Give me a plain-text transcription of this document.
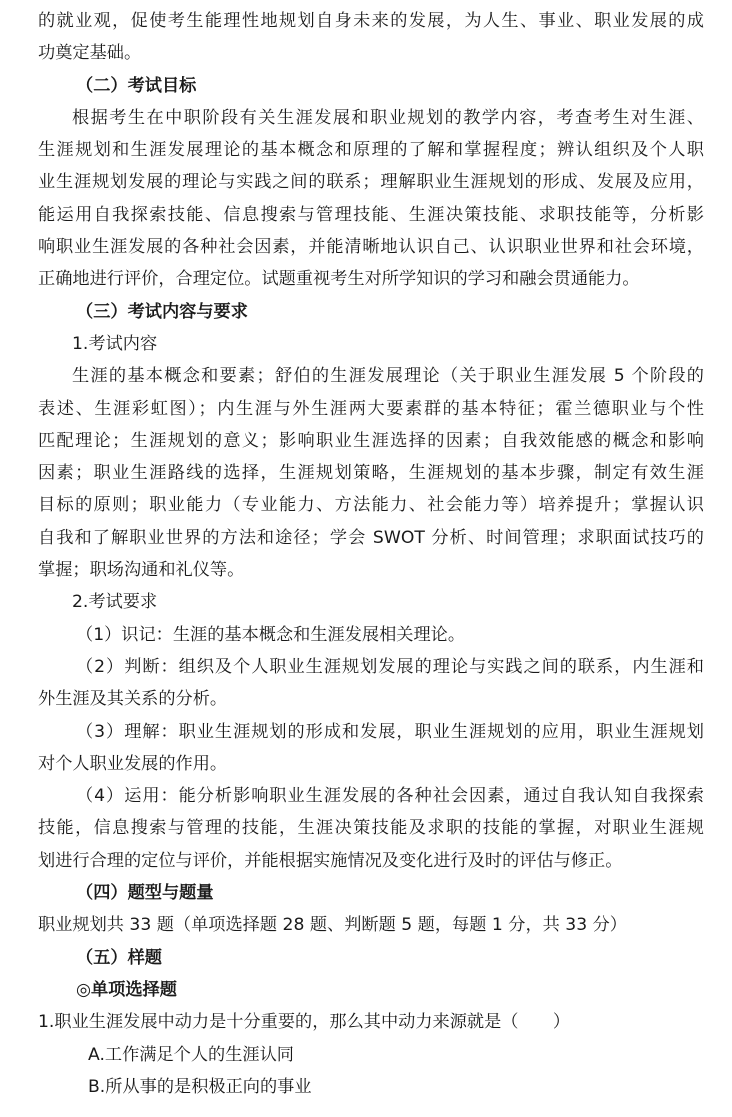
的就业观，促使考生能理性地规划自身未来的发展，为人生、事业、职业发展的成
功奠定基础。
（二）考试目标
根据考生在中职阶段有关生涯发展和职业规划的教学内容，考查考生对生涯、
生涯规划和生涯发展理论的基本概念和原理的了解和掌握程度；辨认组织及个人职
业生涯规划发展的理论与实践之间的联系；理解职业生涯规划的形成、发展及应用，
能运用自我探索技能、信息搜索与管理技能、生涯决策技能、求职技能等，分析影
响职业生涯发展的各种社会因素，并能清晰地认识自己、认识职业世界和社会环境，
正确地进行评价，合理定位。试题重视考生对所学知识的学习和融会贯通能力。
（三）考试内容与要求
1.考试内容
生涯的基本概念和要素；舒伯的生涯发展理论（关于职业生涯发展 5 个阶段的
表述、生涯彩虹图）；内生涯与外生涯两大要素群的基本特征；霍兰德职业与个性
匹配理论；生涯规划的意义；影响职业生涯选择的因素；自我效能感的概念和影响
因素；职业生涯路线的选择，生涯规划策略，生涯规划的基本步骤，制定有效生涯
目标的原则；职业能力（专业能力、方法能力、社会能力等）培养提升；掌握认识
自我和了解职业世界的方法和途径；学会 SWOT 分析、时间管理；求职面试技巧的
掌握；职场沟通和礼仪等。
2.考试要求
（1）识记：生涯的基本概念和生涯发展相关理论。
（2）判断：组织及个人职业生涯规划发展的理论与实践之间的联系，内生涯和
外生涯及其关系的分析。
（3）理解：职业生涯规划的形成和发展，职业生涯规划的应用，职业生涯规划
对个人职业发展的作用。
（4）运用：能分析影响职业生涯发展的各种社会因素，通过自我认知自我探索
技能，信息搜索与管理的技能，生涯决策技能及求职的技能的掌握，对职业生涯规
划进行合理的定位与评价，并能根据实施情况及变化进行及时的评估与修正。
（四）题型与题量
职业规划共 33 题（单项选择题 28 题、判断题 5 题，每题 1 分，共 33 分）
（五）样题
◎单项选择题
1.职业生涯发展中动力是十分重要的，那么其中动力来源就是（　　）
A.工作满足个人的生涯认同
B.所从事的是积极正向的事业
